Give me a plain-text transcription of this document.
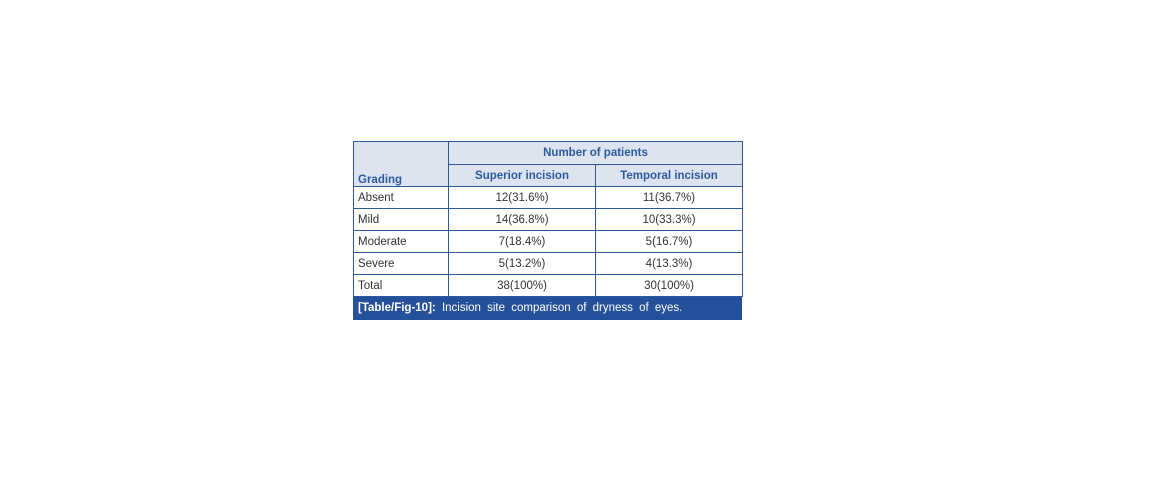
Grading	Number of patients	
	Superior incision	Temporal incision
Absent	12(31.6%)	11(36.7%)
Mild	14(36.8%)	10(33.3%)
Moderate	7(18.4%)	5(16.7%)
Severe	5(13.2%)	4(13.3%)
Total	38(100%)	30(100%)
[Table/Fig-10]: Incision site comparison of dryness of eyes.
